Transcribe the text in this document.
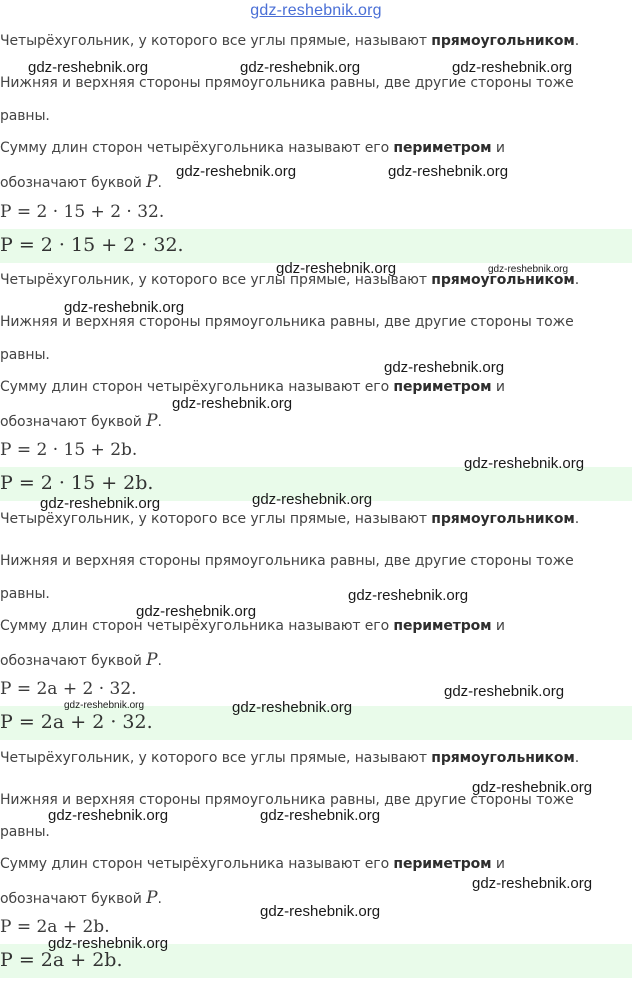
gdz-reshebnik.org
Четырёхугольник, у которого все углы прямые, называют прямоугольником.
Нижняя и верхняя стороны прямоугольника равны, две другие стороны тоже
равны.
Сумму длин сторон четырёхугольника называют его периметром и
обозначают буквой P.
P = 2 · 15 + 2 · 32.
P = 2 · 15 + 2 · 32.
Четырёхугольник, у которого все углы прямые, называют прямоугольником.
Нижняя и верхняя стороны прямоугольника равны, две другие стороны тоже
равны.
Сумму длин сторон четырёхугольника называют его периметром и
обозначают буквой P.
P = 2 · 15 + 2b.
P = 2 · 15 + 2b.
Четырёхугольник, у которого все углы прямые, называют прямоугольником.
Нижняя и верхняя стороны прямоугольника равны, две другие стороны тоже
равны.
Сумму длин сторон четырёхугольника называют его периметром и
обозначают буквой P.
P = 2a + 2 · 32.
P = 2a + 2 · 32.
Четырёхугольник, у которого все углы прямые, называют прямоугольником.
Нижняя и верхняя стороны прямоугольника равны, две другие стороны тоже
равны.
Сумму длин сторон четырёхугольника называют его периметром и
обозначают буквой P.
P = 2a + 2b.
P = 2a + 2b.
gdz-reshebnik.org	gdz-reshebnik.org	gdz-reshebnik.org
gdz-reshebnik.org	gdz-reshebnik.org
gdz-reshebnik.org	gdz-reshebnik.org
gdz-reshebnik.org
gdz-reshebnik.org
gdz-reshebnik.org
gdz-reshebnik.org
gdz-reshebnik.org
gdz-reshebnik.org
gdz-reshebnik.org
gdz-reshebnik.org
gdz-reshebnik.org
gdz-reshebnik.org	gdz-reshebnik.org
gdz-reshebnik.org
gdz-reshebnik.org	gdz-reshebnik.org
gdz-reshebnik.org
gdz-reshebnik.org
gdz-reshebnik.org
